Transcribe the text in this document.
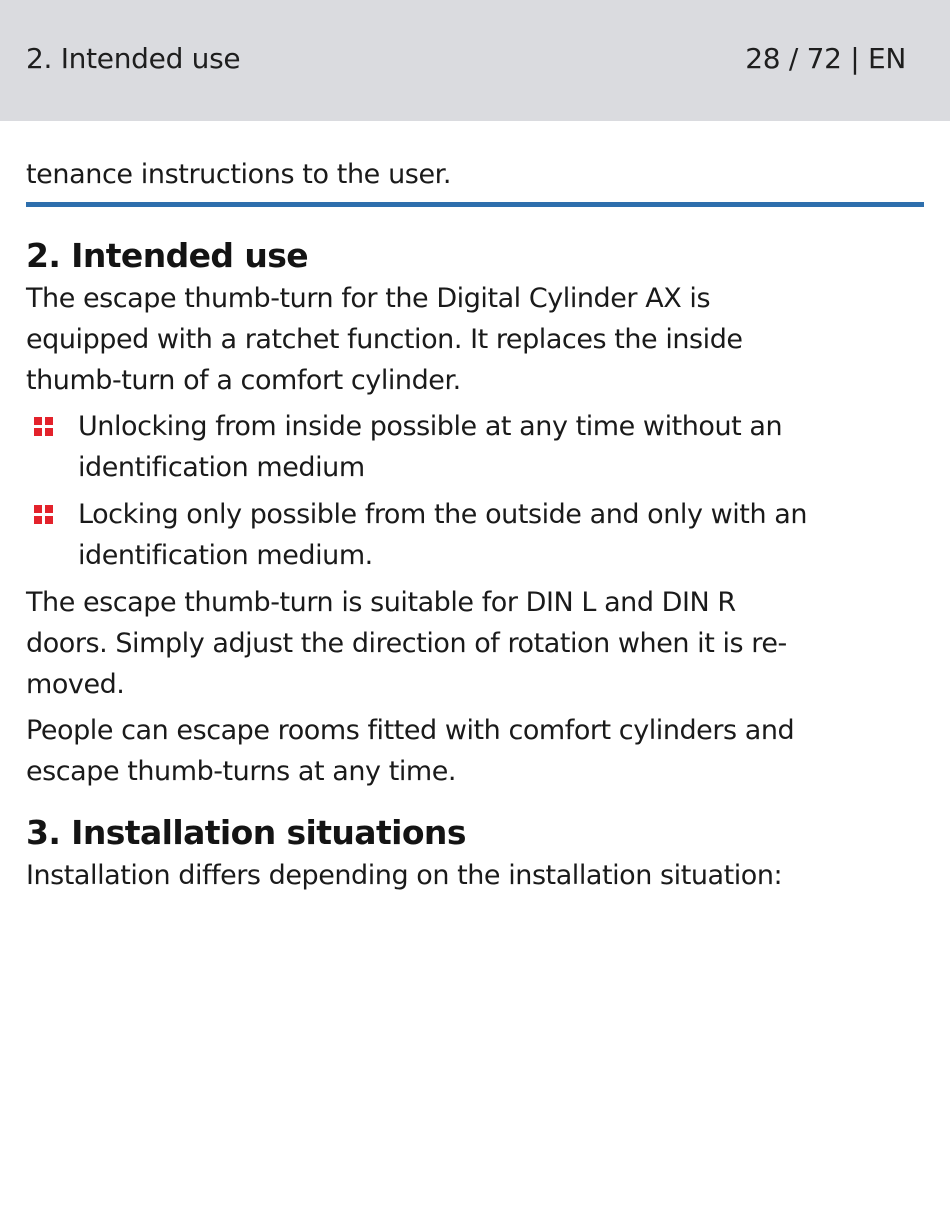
2. Intended use	28 / 72 | EN

tenance instructions to the user.

2. Intended use

The escape thumb-turn for the Digital Cylinder AX is
equipped with a ratchet function. It replaces the inside
thumb-turn of a comfort cylinder.

Unlocking from inside possible at any time without an
identification medium
Locking only possible from the outside and only with an
identification medium.

The escape thumb-turn is suitable for DIN L and DIN R
doors. Simply adjust the direction of rotation when it is re-
moved.

People can escape rooms fitted with comfort cylinders and
escape thumb-turns at any time.

3. Installation situations

Installation differs depending on the installation situation:
